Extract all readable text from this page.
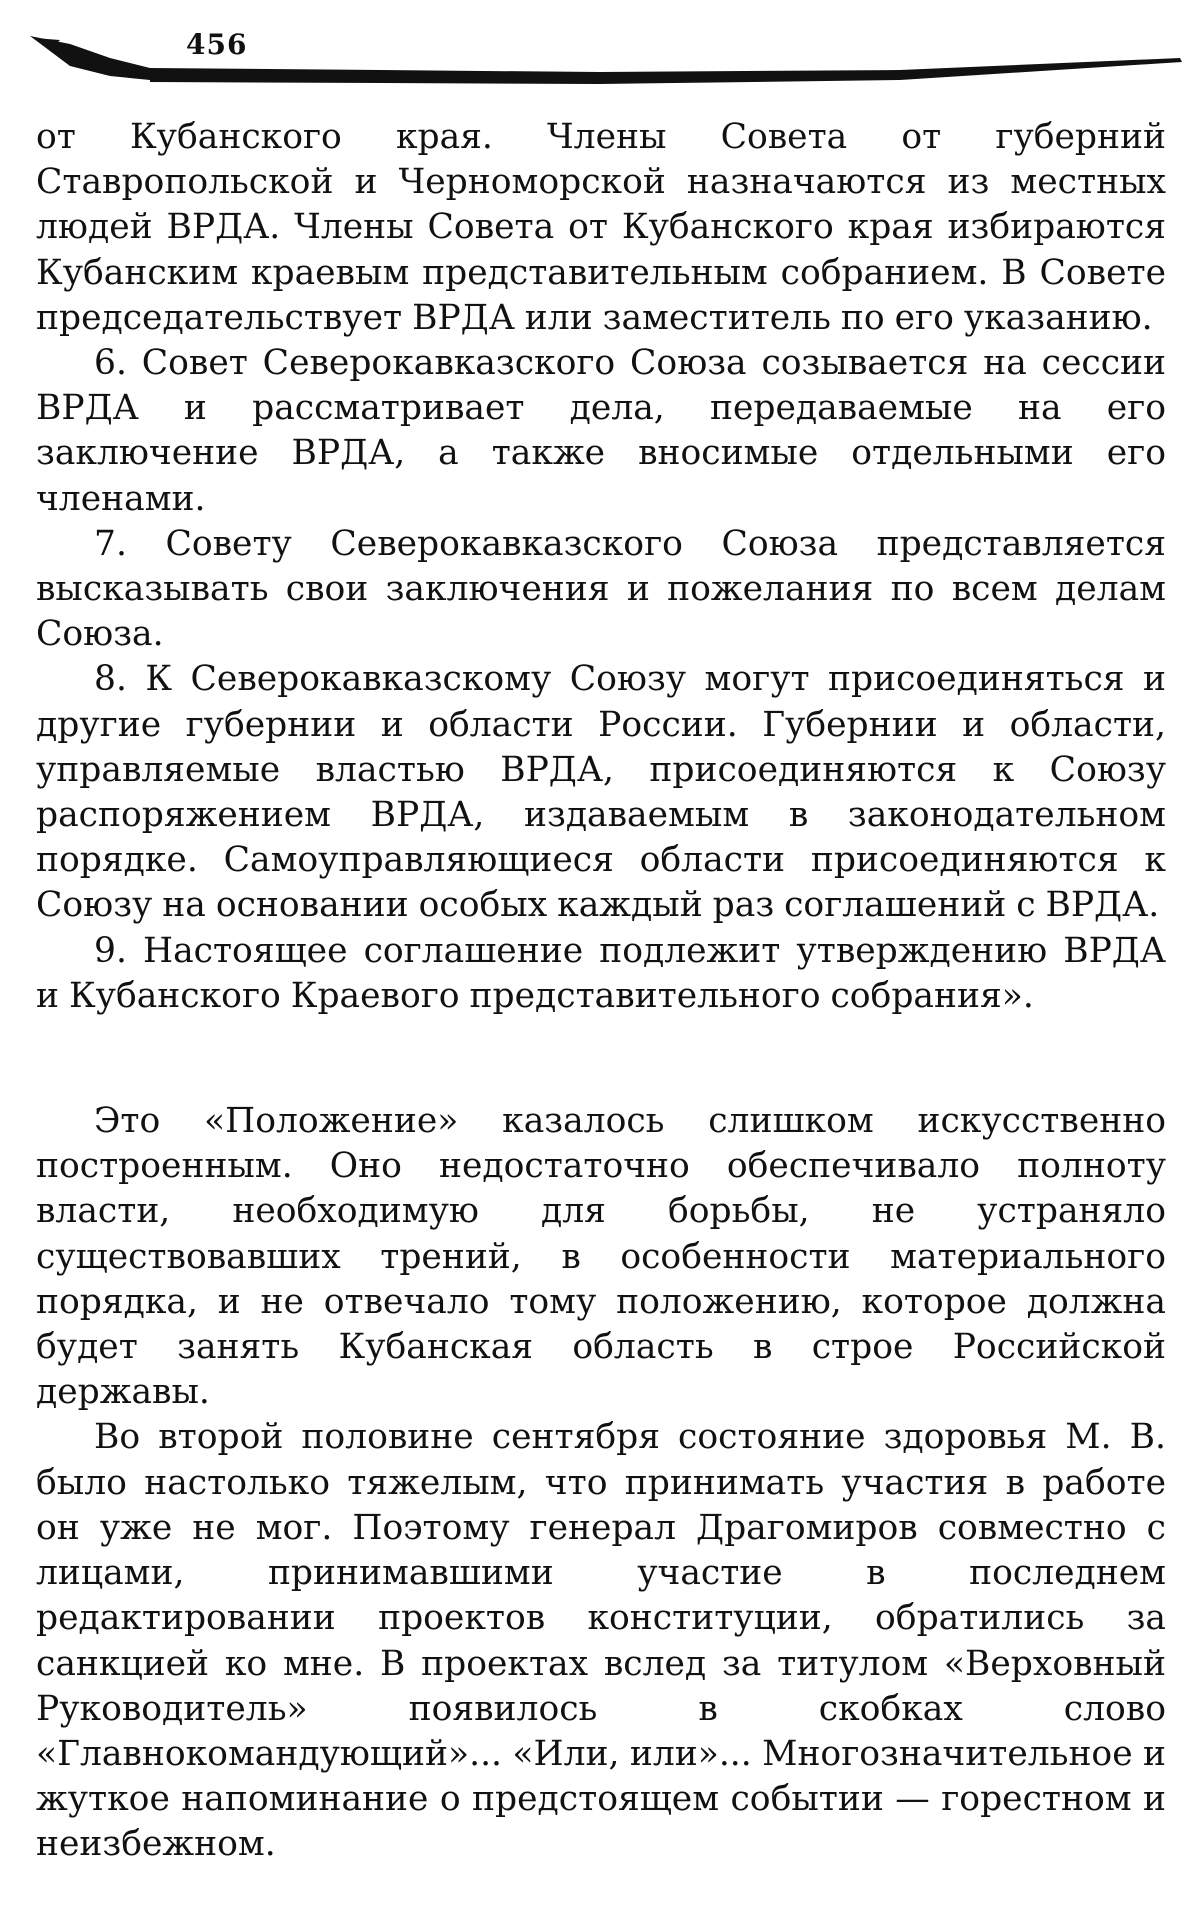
456

от Кубанского края. Члены Совета от губерний Ставропольской и Черноморской назначаются из местных людей ВРДА. Члены Совета от Кубанского края избираются Кубанским краевым представительным собранием. В Совете председательствует ВРДА или заместитель по его указанию.

6. Совет Северокавказского Союза созывается на сессии ВРДА и рассматривает дела, передаваемые на его заключение ВРДА, а также вносимые отдельными его членами.

7. Совету Северокавказского Союза представляется высказывать свои заключения и пожелания по всем делам Союза.

8. К Северокавказскому Союзу могут присоединяться и другие губернии и области России. Губернии и области, управляемые властью ВРДА, присоединяются к Союзу распоряжением ВРДА, издаваемым в законодательном порядке. Самоуправляющиеся области присоединяются к Союзу на основании особых каждый раз соглашений с ВРДА.

9. Настоящее соглашение подлежит утверждению ВРДА и Кубанского Краевого представительного собрания».

Это «Положение» казалось слишком искусственно построенным. Оно недостаточно обеспечивало полноту власти, необходимую для борьбы, не устраняло существовавших трений, в особенности материального порядка, и не отвечало тому положению, которое должна будет занять Кубанская область в строе Российской державы.

Во второй половине сентября состояние здоровья М. В. было настолько тяжелым, что принимать участия в работе он уже не мог. Поэтому генерал Драгомиров совместно с лицами, принимавшими участие в последнем редактировании проектов конституции, обратились за санкцией ко мне. В проектах вслед за титулом «Верховный Руководитель» появилось в скобках слово «Главнокомандующий»... «Или, или»... Многозначительное и жуткое напоминание о предстоящем событии — горестном и неизбежном.
